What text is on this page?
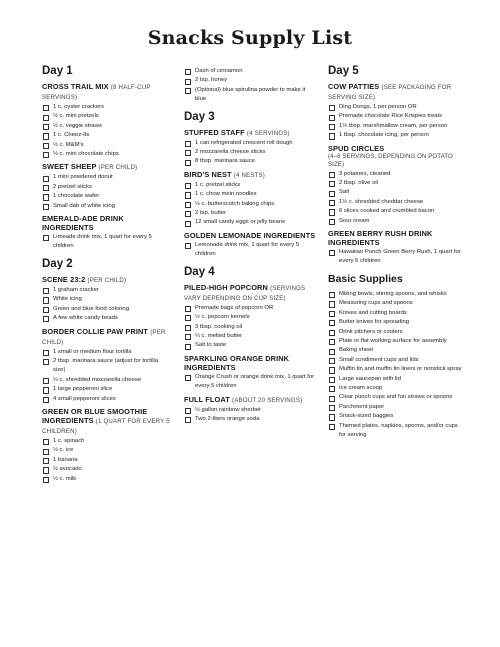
Snacks Supply List
Day 1
CROSS TRAIL MIX (8 HALF-CUP SERVINGS)
1 c. oyster crackers
½ c. mini pretzels
½ c. veggie straws
1 c. Cheez-Its
½ c. M&M's
½ c. mini chocolate chips
SWEET SHEEP (PER CHILD)
1 mini powdered donut
2 pretzel sticks
1 chocolate wafer
Small dab of white icing
EMERALD-ADE DRINK INGREDIENTS
Limeade drink mix, 1 quart for every 5 children
Day 2
SCENE 23:2 (PER CHILD)
1 graham cracker
White icing
Green and blue food coloring
A few white candy beads
BORDER COLLIE PAW PRINT (PER CHILD)
1 small or medium flour tortilla
2 tbsp. marinara sauce (adjust for tortilla size)
¼ c. shredded mozzarella cheese
1 large pepperoni slice
4 small pepperoni slices
GREEN OR BLUE SMOOTHIE INGREDIENTS (1 QUART FOR EVERY 5 CHILDREN)
1 c. spinach
½ c. ice
1 banana
½ avocado
½ c. milk
Dash of cinnamon
2 tsp. honey
(Optional) blue spirulina powder to make it blue
Day 3
STUFFED STAFF (4 SERVINGS)
1 can refrigerated crescent roll dough
2 mozzarella cheese sticks
8 tbsp. marinara sauce
BIRD'S NEST (4 NESTS)
1 c. pretzel sticks
1 c. chow mein noodles
½ c. butterscotch baking chips
2 tsp. butter
12 small candy eggs or jelly beans
GOLDEN LEMONADE INGREDIENTS
Lemonade drink mix, 1 quart for every 5 children
Day 4
PILED-HIGH POPCORN (SERVINGS VARY DEPENDING ON CUP SIZE)
Premade bags of popcorn OR
½ c. popcorn kernels
3 tbsp. cooking oil
¼ c. melted butter
Salt to taste
SPARKLING ORANGE DRINK INGREDIENTS
Orange Crush or orange drink mix, 1 quart for every 5 children
FULL FLOAT (ABOUT 20 SERVINGS)
½ gallon rainbow sherbet
Two 2-liters orange soda
Day 5
COW PATTIES (SEE PACKAGING FOR SERVING SIZE)
Ding Dongs, 1 per person OR
Premade chocolate Rice Krispies treats
1½ tbsp. marshmallow cream, per person
1 tbsp. chocolate icing, per person
SPUD CIRCLES
(4–6 SERVINGS, DEPENDING ON POTATO SIZE)
3 potatoes, cleaned
2 tbsp. olive oil
Salt
1½ c. shredded cheddar cheese
6 slices cooked and crumbled bacon
Sour cream
GREEN BERRY RUSH DRINK INGREDIENTS
Hawaiian Punch Green Berry Rush, 1 quart for every 5 children
Basic Supplies
Mixing bowls, stirring spoons, and whisks
Measuring cups and spoons
Knives and cutting boards
Butter knives for spreading
Drink pitchers or coolers
Plate or flat working surface for assembly
Baking sheet
Small condiment cups and lids
Muffin tin and muffin tin liners or nonstick spray
Large saucepan with lid
Ice cream scoop
Clear punch cups and fun straws or spoons
Parchment paper
Snack-sized baggies
Themed plates, napkins, spoons, and/or cups for serving
